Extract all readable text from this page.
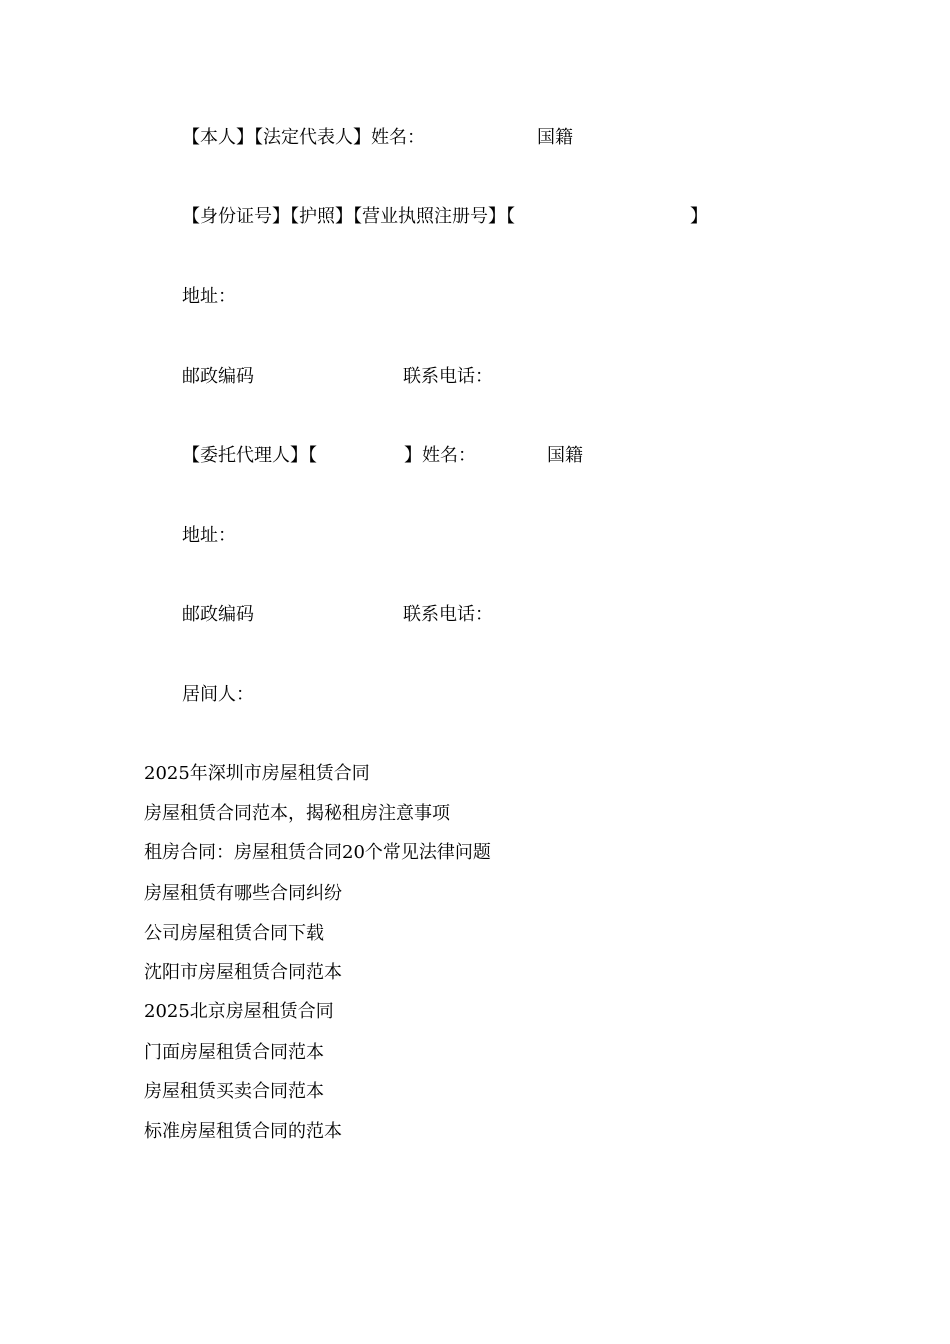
【本人】【法定代表人】姓名：	国籍
【身份证号】【护照】【营业执照注册号】【	】
地址：
邮政编码	联系电话：
【委托代理人】【	】姓名：	国籍
地址：
邮政编码	联系电话：
居间人：
2025年深圳市房屋租赁合同
房屋租赁合同范本，揭秘租房注意事项
租房合同：房屋租赁合同20个常见法律问题
房屋租赁有哪些合同纠纷
公司房屋租赁合同下载
沈阳市房屋租赁合同范本
2025北京房屋租赁合同
门面房屋租赁合同范本
房屋租赁买卖合同范本
标准房屋租赁合同的范本
